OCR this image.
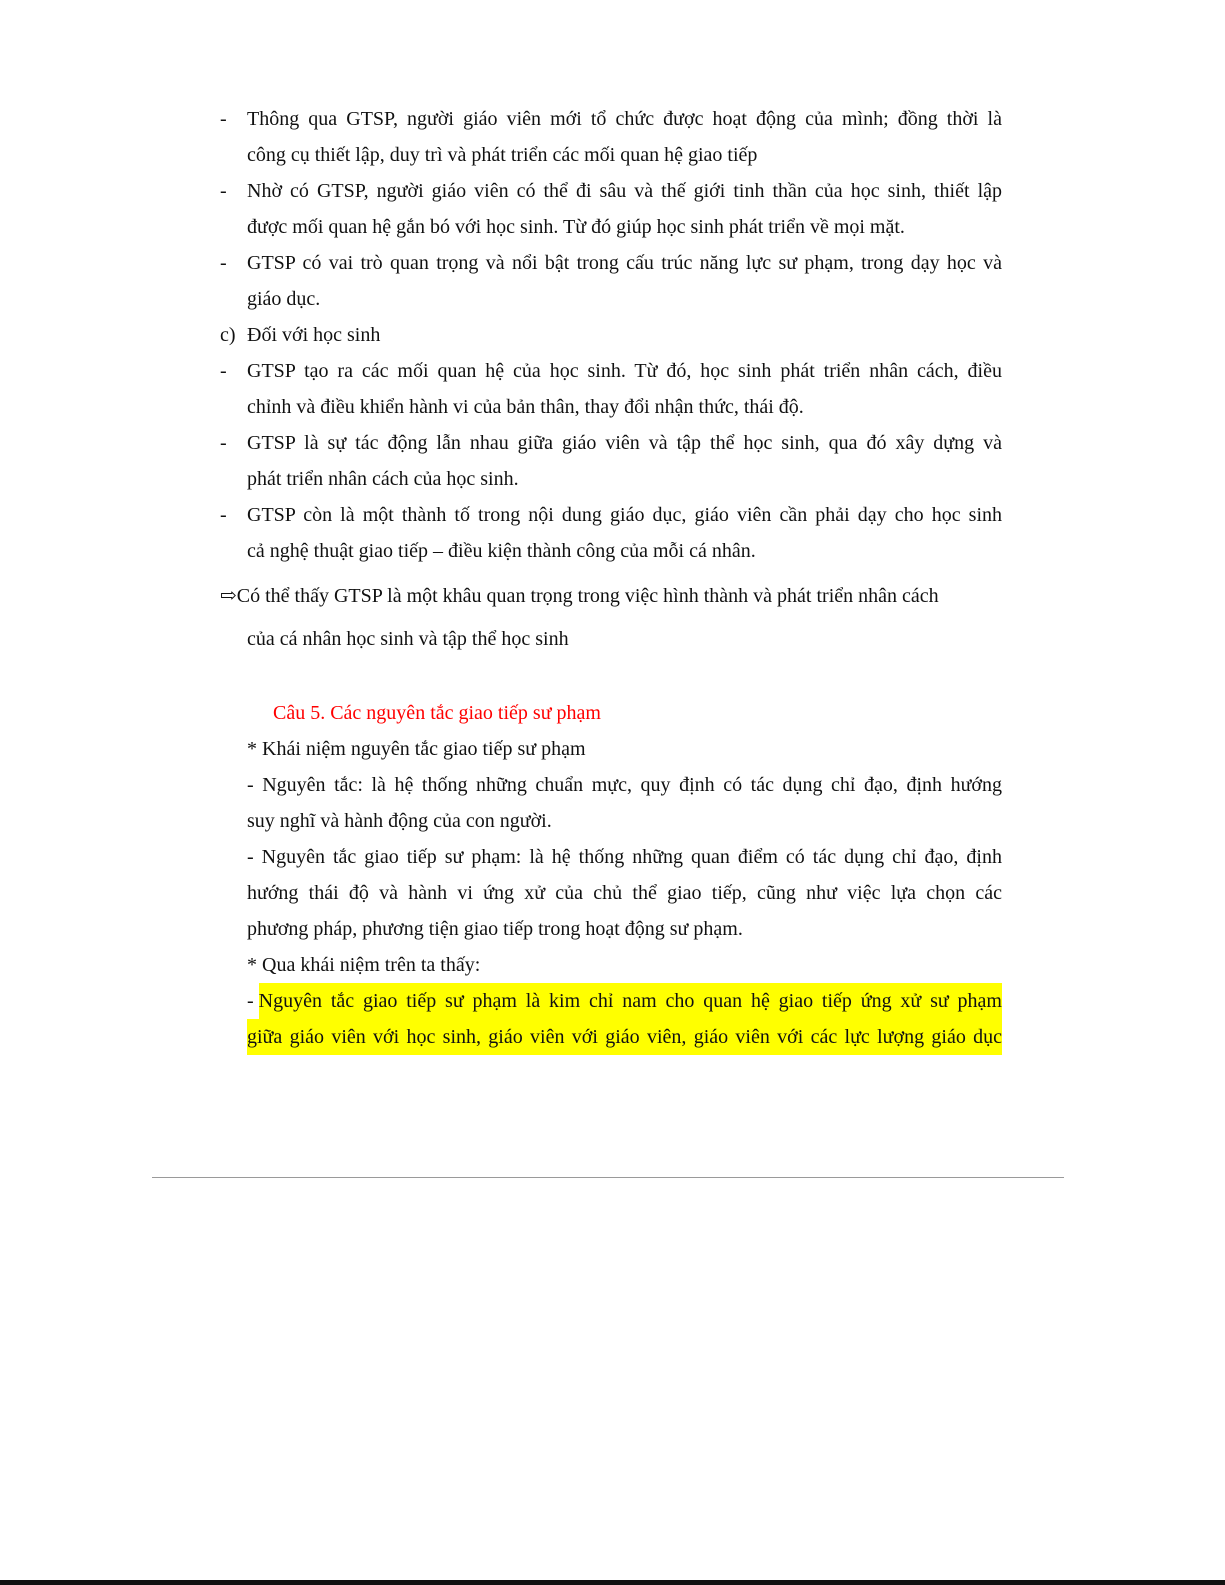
-	Thông qua GTSP, người giáo viên mới tổ chức được hoạt động của mình; đồng thời là
công cụ thiết lập, duy trì và phát triển các mối quan hệ giao tiếp
-	Nhờ có GTSP, người giáo viên có thể đi sâu và thế giới tinh thần của học sinh, thiết lập
được mối quan hệ gắn bó với học sinh. Từ đó giúp học sinh phát triển về mọi mặt.
-	GTSP có vai trò quan trọng và nổi bật trong cấu trúc năng lực sư phạm, trong dạy học và
giáo dục.
c) Đối với học sinh
-	GTSP tạo ra các mối quan hệ của học sinh. Từ đó, học sinh phát triển nhân cách, điều
chỉnh và điều khiển hành vi của bản thân, thay đổi nhận thức, thái độ.
-	GTSP là sự tác động lẫn nhau giữa giáo viên và tập thể học sinh, qua đó xây dựng và
phát triển nhân cách của học sinh.
-	GTSP còn là một thành tố trong nội dung giáo dục, giáo viên cần phải dạy cho học sinh
cả nghệ thuật giao tiếp – điều kiện thành công của mỗi cá nhân.
⇨Có thể thấy GTSP là một khâu quan trọng trong việc hình thành và phát triển nhân cách
của cá nhân học sinh và tập thể học sinh
Câu 5. Các nguyên tắc giao tiếp sư phạm
* Khái niệm nguyên tắc giao tiếp sư phạm
- Nguyên tắc: là hệ thống những chuẩn mực, quy định có tác dụng chỉ đạo, định hướng
suy nghĩ và hành động của con người.
- Nguyên tắc giao tiếp sư phạm: là hệ thống những quan điểm có tác dụng chỉ đạo, định
hướng thái độ và hành vi ứng xử của chủ thể giao tiếp, cũng như việc lựa chọn các
phương pháp, phương tiện giao tiếp trong hoạt động sư phạm.
* Qua khái niệm trên ta thấy:
- Nguyên tắc giao tiếp sư phạm là kim chỉ nam cho quan hệ giao tiếp ứng xử sư phạm
giữa giáo viên với học sinh, giáo viên với giáo viên, giáo viên với các lực lượng giáo dục
